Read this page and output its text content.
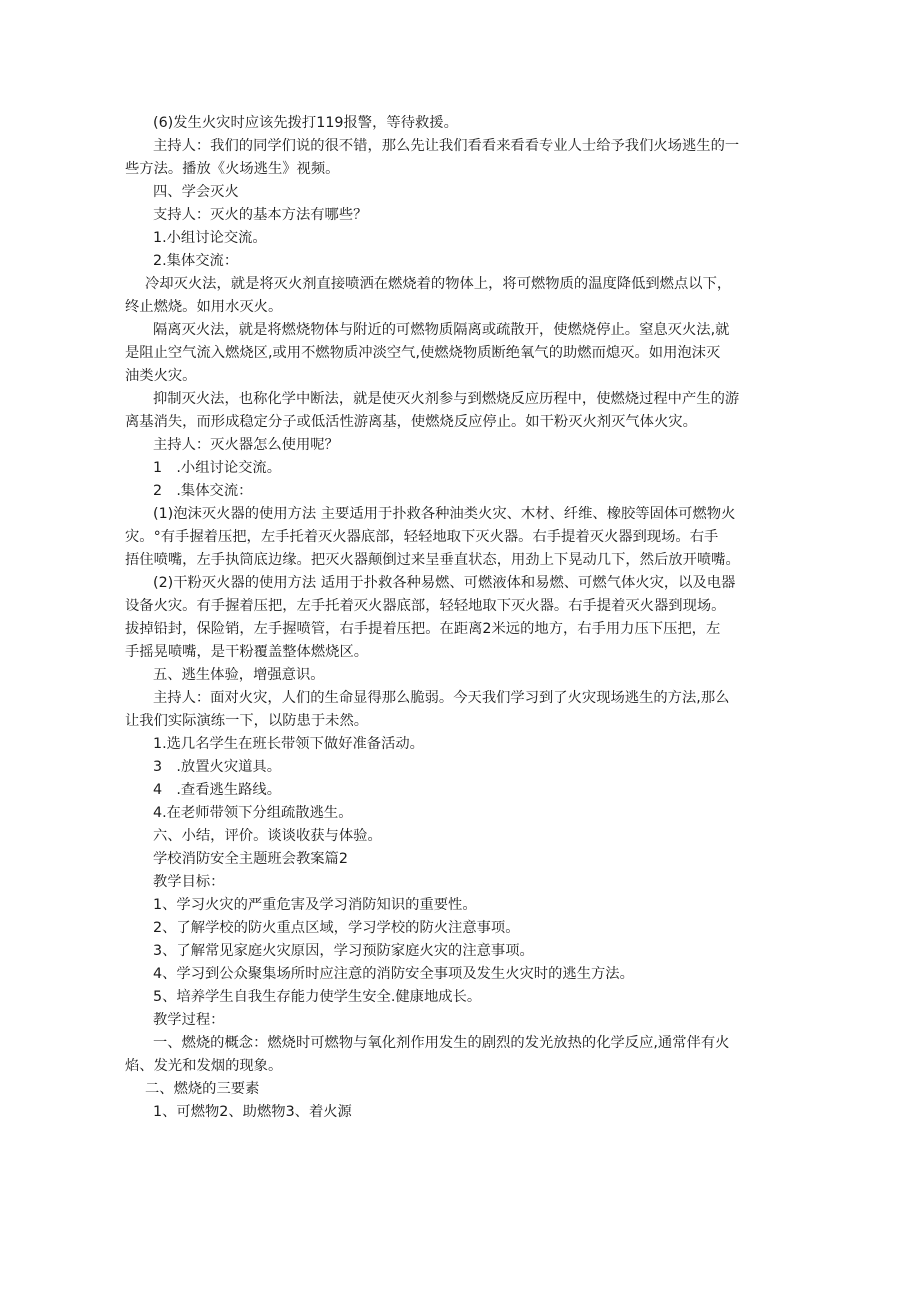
(6)发生火灾时应该先拨打119报警，等待救援。
主持人：我们的同学们说的很不错，那么先让我们看看来看看专业人士给予我们火场逃生的一
些方法。播放《火场逃生》视频。
四、学会灭火
支持人：灭火的基本方法有哪些？
1.小组讨论交流。
2.集体交流：
冷却灭火法，就是将灭火剂直接喷洒在燃烧着的物体上，将可燃物质的温度降低到燃点以下，
终止燃烧。如用水灭火。
隔离灭火法，就是将燃烧物体与附近的可燃物质隔离或疏散开，使燃烧停止。窒息灭火法,就
是阻止空气流入燃烧区,或用不燃物质冲淡空气,使燃烧物质断绝氧气的助燃而熄灭。如用泡沫灭
油类火灾。
抑制灭火法，也称化学中断法，就是使灭火剂参与到燃烧反应历程中，使燃烧过程中产生的游
离基消失，而形成稳定分子或低活性游离基，使燃烧反应停止。如干粉灭火剂灭气体火灾。
主持人：灭火器怎么使用呢？
1　.小组讨论交流。
2　.集体交流：
(1)泡沫灭火器的使用方法 主要适用于扑救各种油类火灾、木材、纤维、橡胶等固体可燃物火
灾。°有手握着压把，左手托着灭火器底部，轻轻地取下灭火器。右手提着灭火器到现场。右手
捂住喷嘴，左手执筒底边缘。把灭火器颠倒过来呈垂直状态，用劲上下晃动几下，然后放开喷嘴。
(2)干粉灭火器的使用方法 适用于扑救各种易燃、可燃液体和易燃、可燃气体火灾，以及电器
设备火灾。有手握着压把，左手托着灭火器底部，轻轻地取下灭火器。右手提着灭火器到现场。
拔掉铅封，保险销，左手握喷管，右手提着压把。在距离2米远的地方，右手用力压下压把，左
手摇晃喷嘴，是干粉覆盖整体燃烧区。
五、逃生体验，增强意识。
主持人：面对火灾，人们的生命显得那么脆弱。今天我们学习到了火灾现场逃生的方法,那么
让我们实际演练一下，以防患于未然。
1.选几名学生在班长带领下做好准备活动。
3　.放置火灾道具。
4　.查看逃生路线。
4.在老师带领下分组疏散逃生。
六、小结，评价。谈谈收获与体验。
学校消防安全主题班会教案篇2
教学目标：
1、学习火灾的严重危害及学习消防知识的重要性。
2、了解学校的防火重点区域，学习学校的防火注意事项。
3、了解常见家庭火灾原因，学习预防家庭火灾的注意事项。
4、学习到公众聚集场所时应注意的消防安全事项及发生火灾时的逃生方法。
5、培养学生自我生存能力使学生安全.健康地成长。
教学过程：
一、燃烧的概念：燃烧时可燃物与氧化剂作用发生的剧烈的发光放热的化学反应,通常伴有火
焰、发光和发烟的现象。
二、燃烧的三要素
1、可燃物2、助燃物3、着火源
